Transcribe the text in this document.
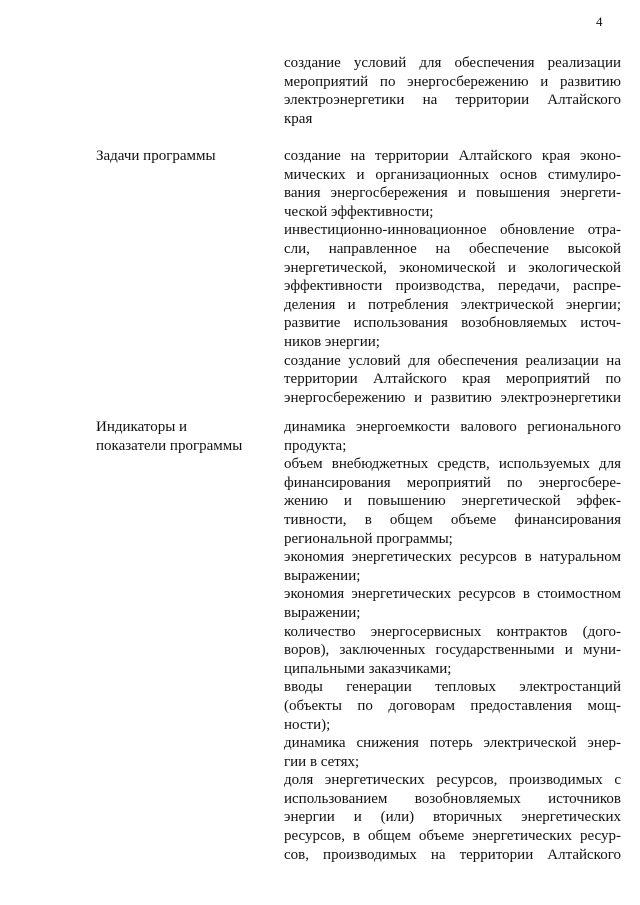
4
создание условий для обеспечения реализации
мероприятий по энергосбережению и развитию
электроэнергетики на территории Алтайского
края
Задачи программы	создание на территории Алтайского края эконо-
мических и организационных основ стимулиро-
вания энергосбережения и повышения энергети-
ческой эффективности;
инвестиционно-инновационное обновление отра-
сли, направленное на обеспечение высокой
энергетической, экономической и экологической
эффективности производства, передачи, распре-
деления и потребления электрической энергии;
развитие использования возобновляемых источ-
ников энергии;
создание условий для обеспечения реализации на
территории Алтайского края мероприятий по
энергосбережению и развитию электроэнергетики
Индикаторы и
показатели программы
динамика энергоемкости валового регионального
продукта;
объем внебюджетных средств, используемых для
финансирования мероприятий по энергосбере-
жению и повышению энергетической эффек-
тивности, в общем объеме финансирования
региональной программы;
экономия энергетических ресурсов в натуральном
выражении;
экономия энергетических ресурсов в стоимостном
выражении;
количество энергосервисных контрактов (дого-
воров), заключенных государственными и муни-
ципальными заказчиками;
вводы генерации тепловых электростанций
(объекты по договорам предоставления мощ-
ности);
динамика снижения потерь электрической энер-
гии в сетях;
доля энергетических ресурсов, производимых с
использованием возобновляемых источников
энергии и (или) вторичных энергетических
ресурсов, в общем объеме энергетических ресур-
сов, производимых на территории Алтайского
